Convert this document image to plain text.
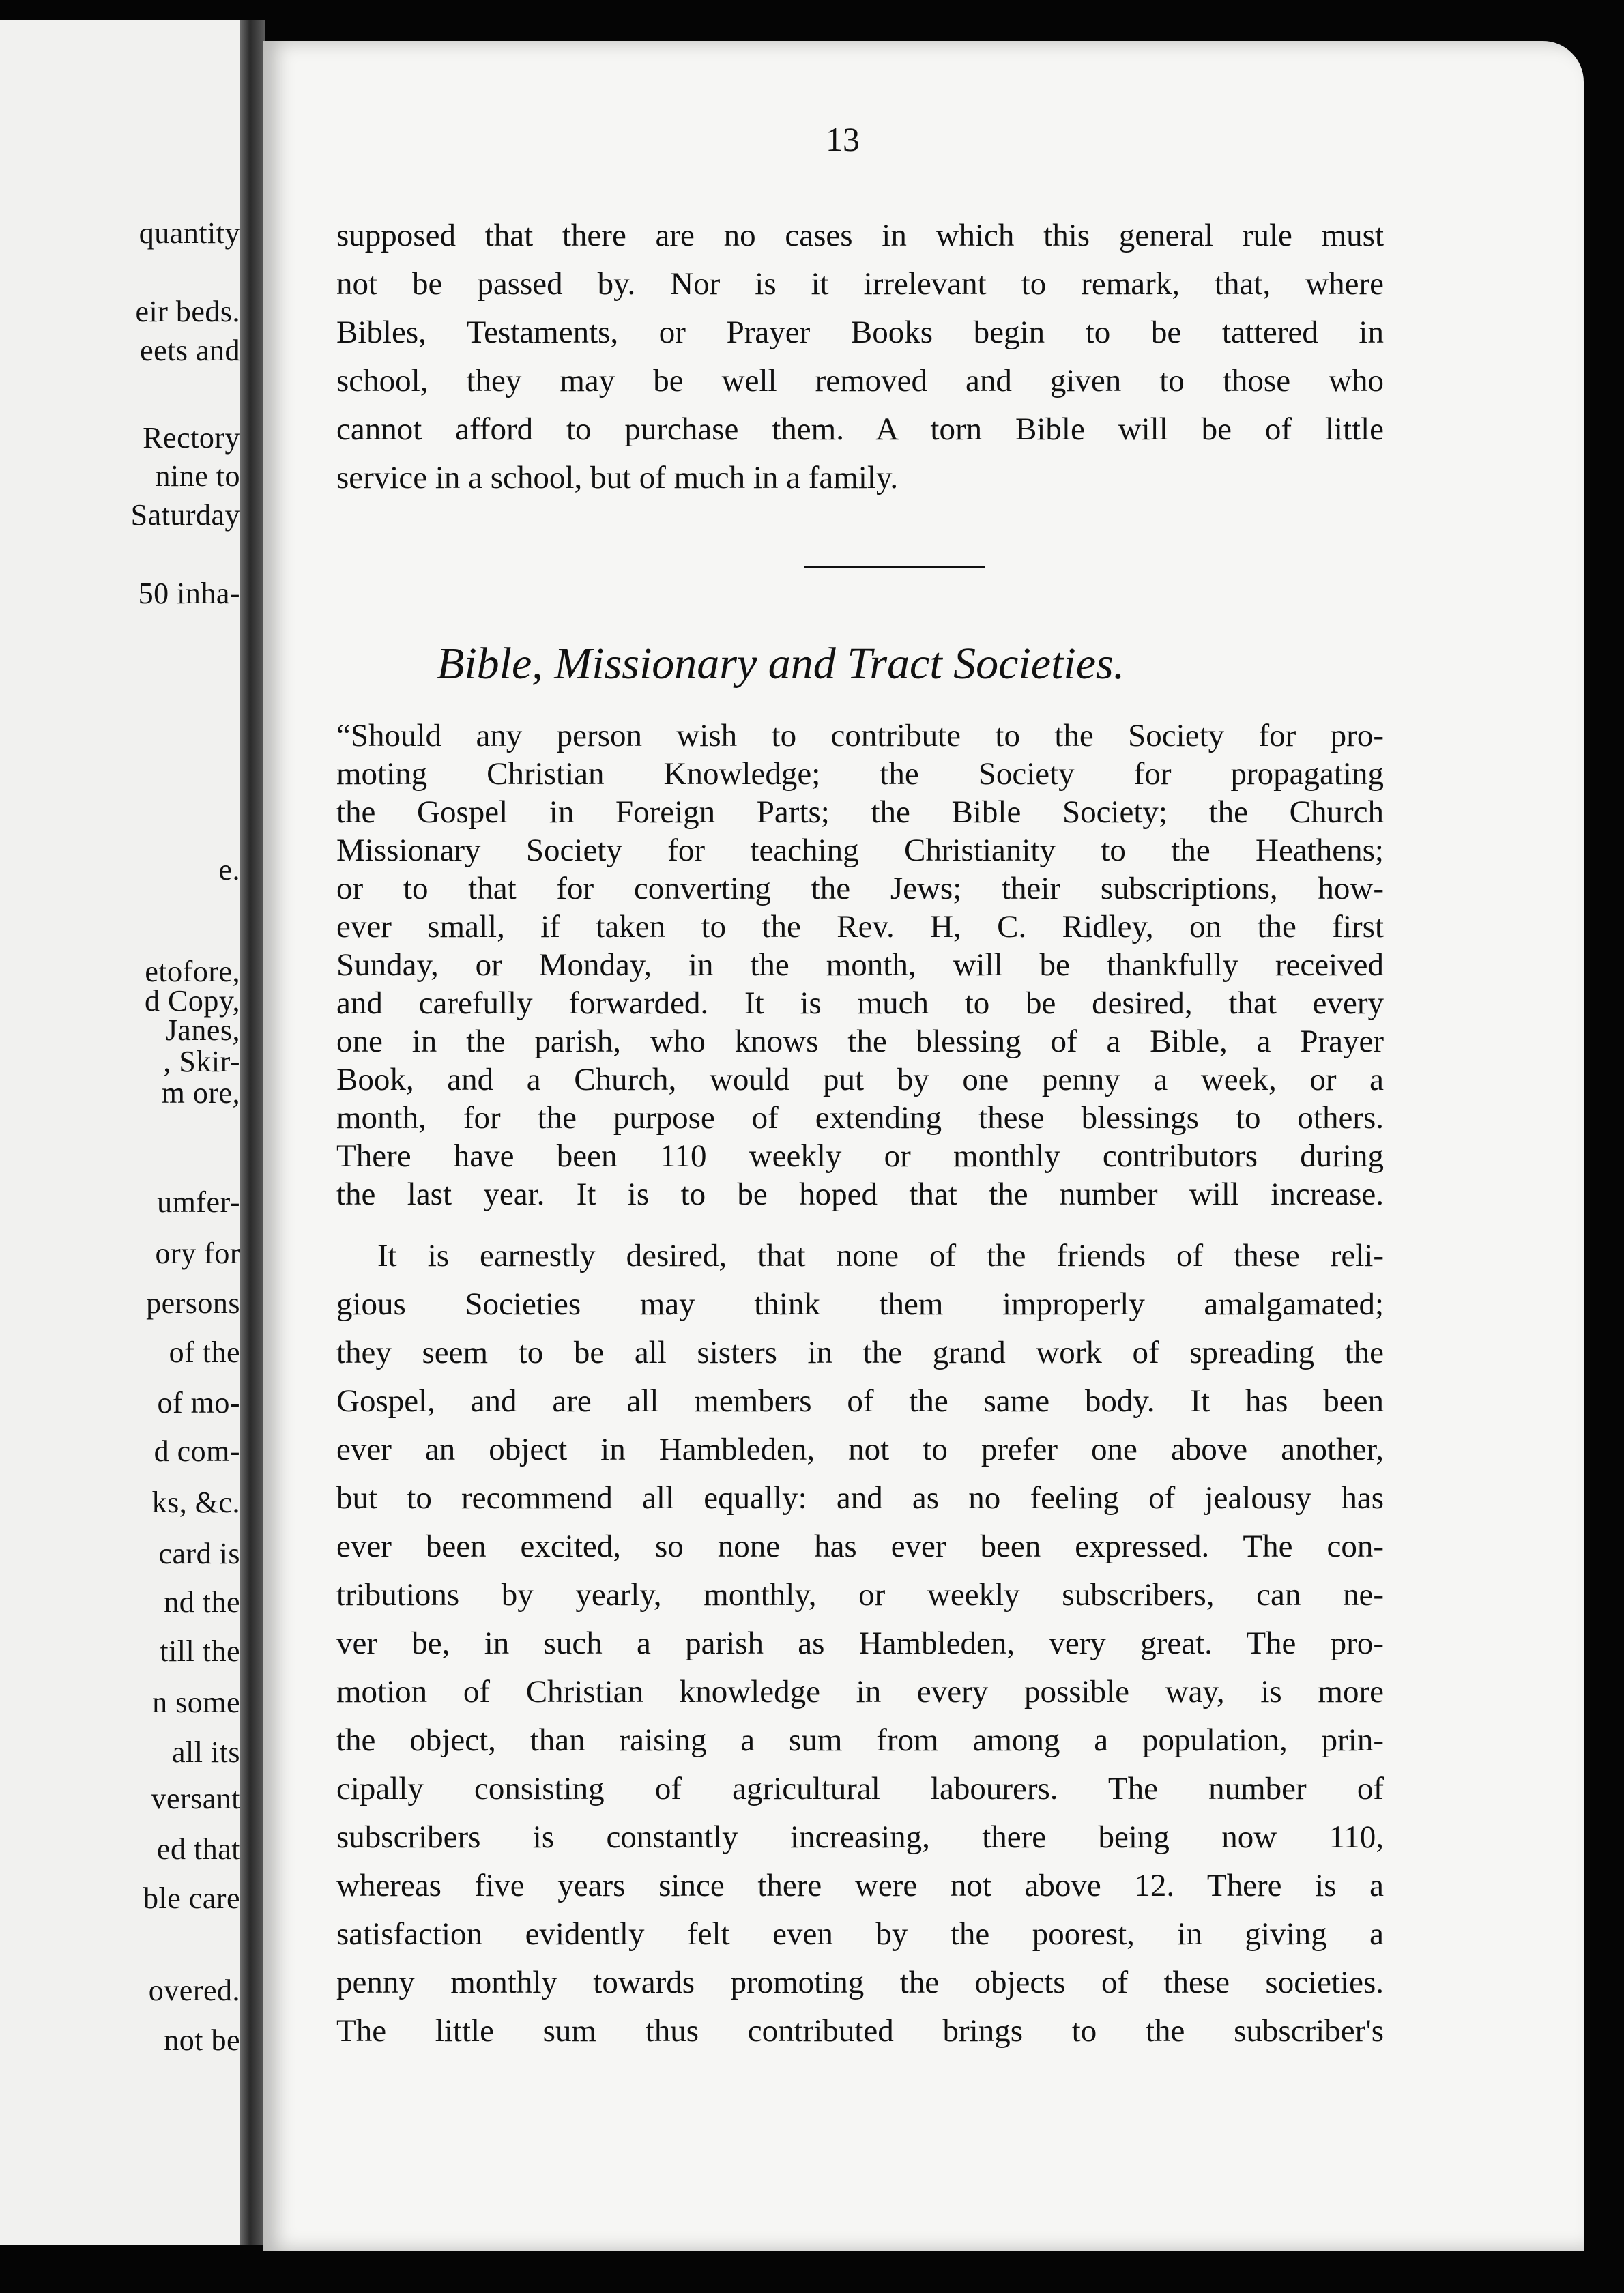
quantity
eir beds.
eets and
Rectory
nine to
Saturday
50 inha-
e.
etofore,
d Copy,
Janes,
, Skir-
m ore,
umfer-
ory for
persons
of the
of mo-
d com-
ks, &c.
card is
nd the
till the
n some
all its
versant
ed that
ble care
overed.
not be
13
supposed that there are no cases in which this general rule must
not be passed by. Nor is it irrelevant to remark, that, where
Bibles, Testaments, or Prayer Books begin to be tattered in
school, they may be well removed and given to those who
cannot afford to purchase them. A torn Bible will be of little
service in a school, but of much in a family.
Bible, Missionary and Tract Societies.
“Should any person wish to contribute to the Society for pro-
moting Christian Knowledge; the Society for propagating
the Gospel in Foreign Parts; the Bible Society; the Church
Missionary Society for teaching Christianity to the Heathens;
or to that for converting the Jews; their subscriptions, how-
ever small, if taken to the Rev. H, C. Ridley, on the first
Sunday, or Monday, in the month, will be thankfully received
and carefully forwarded. It is much to be desired, that every
one in the parish, who knows the blessing of a Bible, a Prayer
Book, and a Church, would put by one penny a week, or a
month, for the purpose of extending these blessings to others.
There have been 110 weekly or monthly contributors during
the last year. It is to be hoped that the number will increase.
It is earnestly desired, that none of the friends of these reli-
gious Societies may think them improperly amalgamated;
they seem to be all sisters in the grand work of spreading the
Gospel, and are all members of the same body. It has been
ever an object in Hambleden, not to prefer one above another,
but to recommend all equally: and as no feeling of jealousy has
ever been excited, so none has ever been expressed. The con-
tributions by yearly, monthly, or weekly subscribers, can ne-
ver be, in such a parish as Hambleden, very great. The pro-
motion of Christian knowledge in every possible way, is more
the object, than raising a sum from among a population, prin-
cipally consisting of agricultural labourers. The number of
subscribers is constantly increasing, there being now 110,
whereas five years since there were not above 12. There is a
satisfaction evidently felt even by the poorest, in giving a
penny monthly towards promoting the objects of these societies.
The little sum thus contributed brings to the subscriber's
